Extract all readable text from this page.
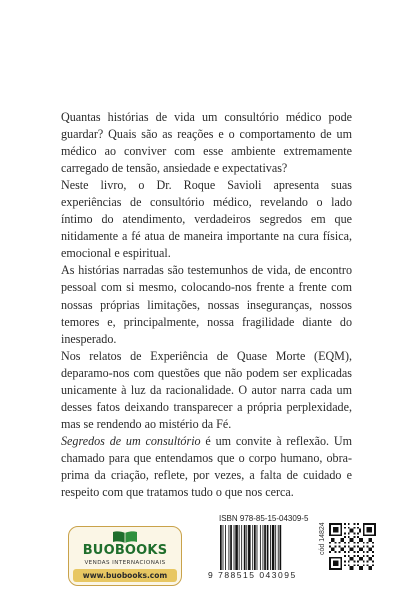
Quantas histórias de vida um consultório médico pode guardar? Quais são as reações e o comportamento de um médico ao conviver com esse ambiente extremamente carregado de tensão, ansiedade e expectativas?

Neste livro, o Dr. Roque Savioli apresenta suas experiências de consultório médico, revelando o lado íntimo do atendimento, verdadeiros segredos em que nitidamente a fé atua de maneira importante na cura física, emocional e espiritual.

As histórias narradas são testemunhos de vida, de encontro pessoal com si mesmo, colocando-nos frente a frente com nossas próprias limitações, nossas inseguranças, nossos temores e, principalmente, nossa fragilidade diante do inesperado.

Nos relatos de Experiência de Quase Morte (EQM), deparamo-nos com questões que não podem ser explicadas unicamente à luz da racionalidade. O autor narra cada um desses fatos deixando transparecer a própria perplexidade, mas se rendendo ao mistério da Fé.

Segredos de um consultório é um convite à reflexão. Um chamado para que entendamos que o corpo humano, obra-prima da criação, reflete, por vezes, a falta de cuidado e respeito com que tratamos tudo o que nos cerca.

BUOBOOKS
VENDAS INTERNACIONAIS
www.buobooks.com
ISBN 978-85-15-04309-5
9 788515 043095
cód 14824
